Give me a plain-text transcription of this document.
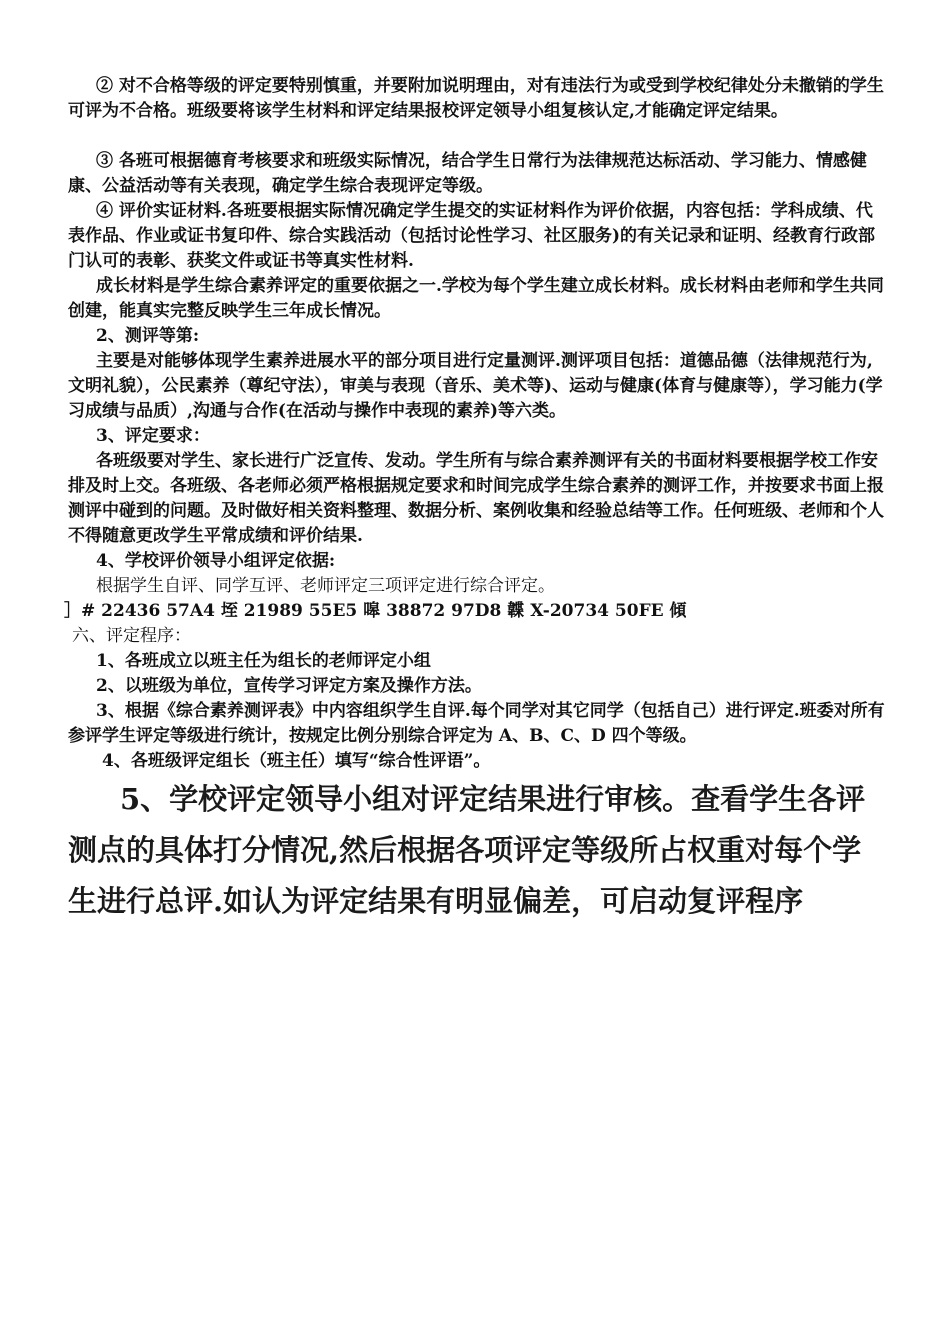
② 对不合格等级的评定要特别慎重，并要附加说明理由，对有违法行为或受到学校纪律处分未撤销的学生可评为不合格。班级要将该学生材料和评定结果报校评定领导小组复核认定,才能确定评定结果。

③ 各班可根据德育考核要求和班级实际情况，结合学生日常行为法律规范达标活动、学习能力、情感健康、公益活动等有关表现，确定学生综合表现评定等级。

④ 评价实证材料.各班要根据实际情况确定学生提交的实证材料作为评价依据，内容包括：学科成绩、代表作品、作业或证书复印件、综合实践活动（包括讨论性学习、社区服务)的有关记录和证明、经教育行政部门认可的表彰、获奖文件或证书等真实性材料.

成长材料是学生综合素养评定的重要依据之一.学校为每个学生建立成长材料。成长材料由老师和学生共同创建，能真实完整反映学生三年成长情况。

2、测评等第:

主要是对能够体现学生素养进展水平的部分项目进行定量测评.测评项目包括：道德品德（法律规范行为,文明礼貌），公民素养（尊纪守法），审美与表现（音乐、美术等)、运动与健康(体育与健康等），学习能力(学习成绩与品质）,沟通与合作(在活动与操作中表现的素养)等六类。

3、评定要求：

各班级要对学生、家长进行广泛宣传、发动。学生所有与综合素养测评有关的书面材料要根据学校工作安排及时上交。各班级、各老师必须严格根据规定要求和时间完成学生综合素养的测评工作，并按要求书面上报测评中碰到的问题。及时做好相关资料整理、数据分析、案例收集和经验总结等工作。任何班级、老师和个人不得随意更改学生平常成绩和评价结果.

4、学校评价领导小组评定依据:

根据学生自评、同学互评、老师评定三项评定进行综合评定。

］# 22436 57A4 垤 21989 55E5 嗥 38872 97D8 韘 X-20734 50FE 傾

六、评定程序：

1、各班成立以班主任为组长的老师评定小组

2、以班级为单位，宣传学习评定方案及操作方法。

3、根据《综合素养测评表》中内容组织学生自评.每个同学对其它同学（包括自己）进行评定.班委对所有参评学生评定等级进行统计，按规定比例分别综合评定为 A、B、C、D 四个等级。

4、各班级评定组长（班主任）填写“综合性评语”。

5、学校评定领导小组对评定结果进行审核。查看学生各评测点的具体打分情况,然后根据各项评定等级所占权重对每个学生进行总评.如认为评定结果有明显偏差，可启动复评程序
